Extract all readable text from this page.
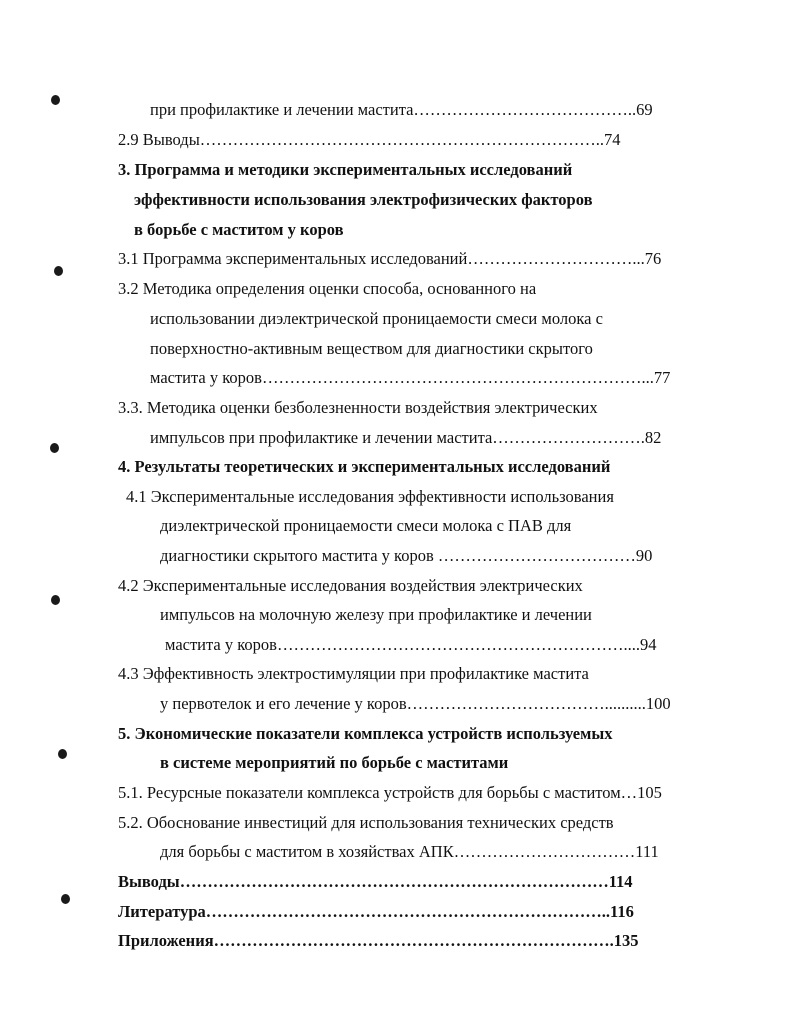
при профилактике и лечении мастита…………………………………..69
2.9 Выводы………………………………………………………………..74
3. Программа и методики экспериментальных исследований
эффективности использования электрофизических факторов
в борьбе с маститом у коров
3.1 Программа экспериментальных исследований…………………………...76
3.2 Методика определения оценки способа, основанного на
использовании диэлектрической проницаемости смеси молока с
поверхностно-активным веществом для диагностики скрытого
мастита у коров……………………………………………………………...77
3.3. Методика оценки безболезненности воздействия электрических
импульсов при профилактике и лечении мастита……………………….82
4. Результаты теоретических и экспериментальных исследований
4.1 Экспериментальные исследования эффективности использования
диэлектрической проницаемости смеси молока с ПАВ для
диагностики скрытого мастита у коров ………………………………90
4.2 Экспериментальные исследования воздействия электрических
импульсов на молочную железу при профилактике и лечении
мастита у коров………………………………………………………....94
4.3 Эффективность электростимуляции при профилактике мастита
у первотелок и его лечение у коров………………………………..........100
5. Экономические показатели комплекса устройств используемых
в системе мероприятий по борьбе с маститами
5.1. Ресурсные показатели комплекса устройств для борьбы с маститом…105
5.2. Обоснование инвестиций для использования технических средств
для борьбы с маститом в хозяйствах АПК……………………………111
Выводы……………………………………………………………………114
Литература………………………………………………………………..116
Приложения……………………………………………………………….135
